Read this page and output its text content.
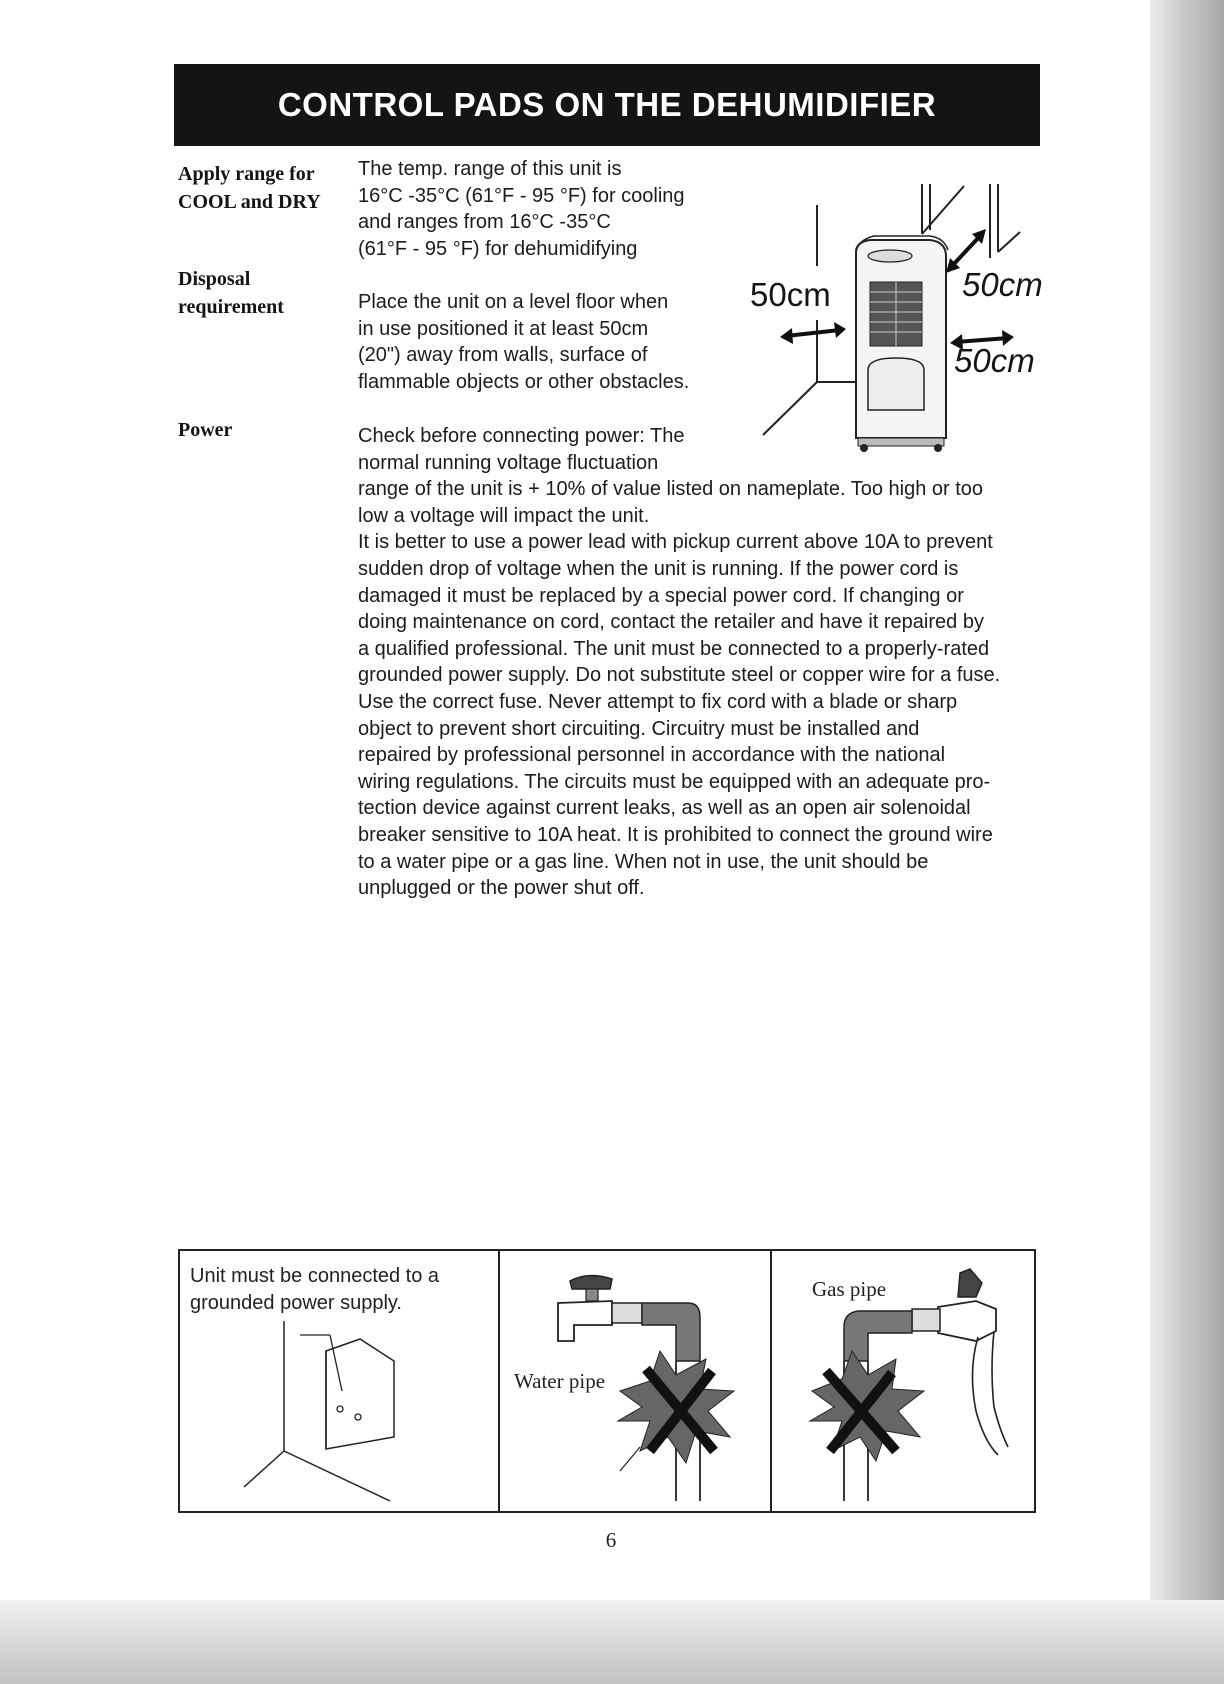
CONTROL PADS ON THE DEHUMIDIFIER
Apply range for
COOL and DRY
Disposal
requirement
Power
The temp. range of this unit is
16°C -35°C (61°F - 95 °F) for cooling
and ranges from 16°C -35°C
(61°F - 95 °F) for dehumidifying
Place the unit on a level floor when
in use positioned it at least 50cm
(20") away from walls, surface of
flammable objects or other obstacles.
Check before connecting power: The
normal running voltage fluctuation
range of the unit is + 10% of value listed on nameplate. Too high or too
low a voltage will impact the unit.
It is better to use a power lead with pickup current above 10A to prevent
sudden drop of voltage when the unit is running. If the power cord is
damaged it must be replaced by a special power cord. If changing or
doing maintenance on cord, contact the retailer and have it repaired by
a qualified professional. The unit must be connected to a properly-rated
grounded power supply. Do not substitute steel or copper wire for a fuse.
Use the correct fuse. Never attempt to fix cord with a blade or sharp
object to prevent short circuiting. Circuitry must be installed and
repaired by professional personnel in accordance with the national
wiring regulations. The circuits must be equipped with an adequate pro-
tection device against current leaks, as well as an open air solenoidal
breaker sensitive to 10A heat. It is prohibited to connect the ground wire
to a water pipe or a gas line. When not in use, the unit should be
unplugged or the power shut off.
50cm	50cm
50cm
Unit must be connected to a
grounded power supply.
Water pipe
Gas pipe
6
